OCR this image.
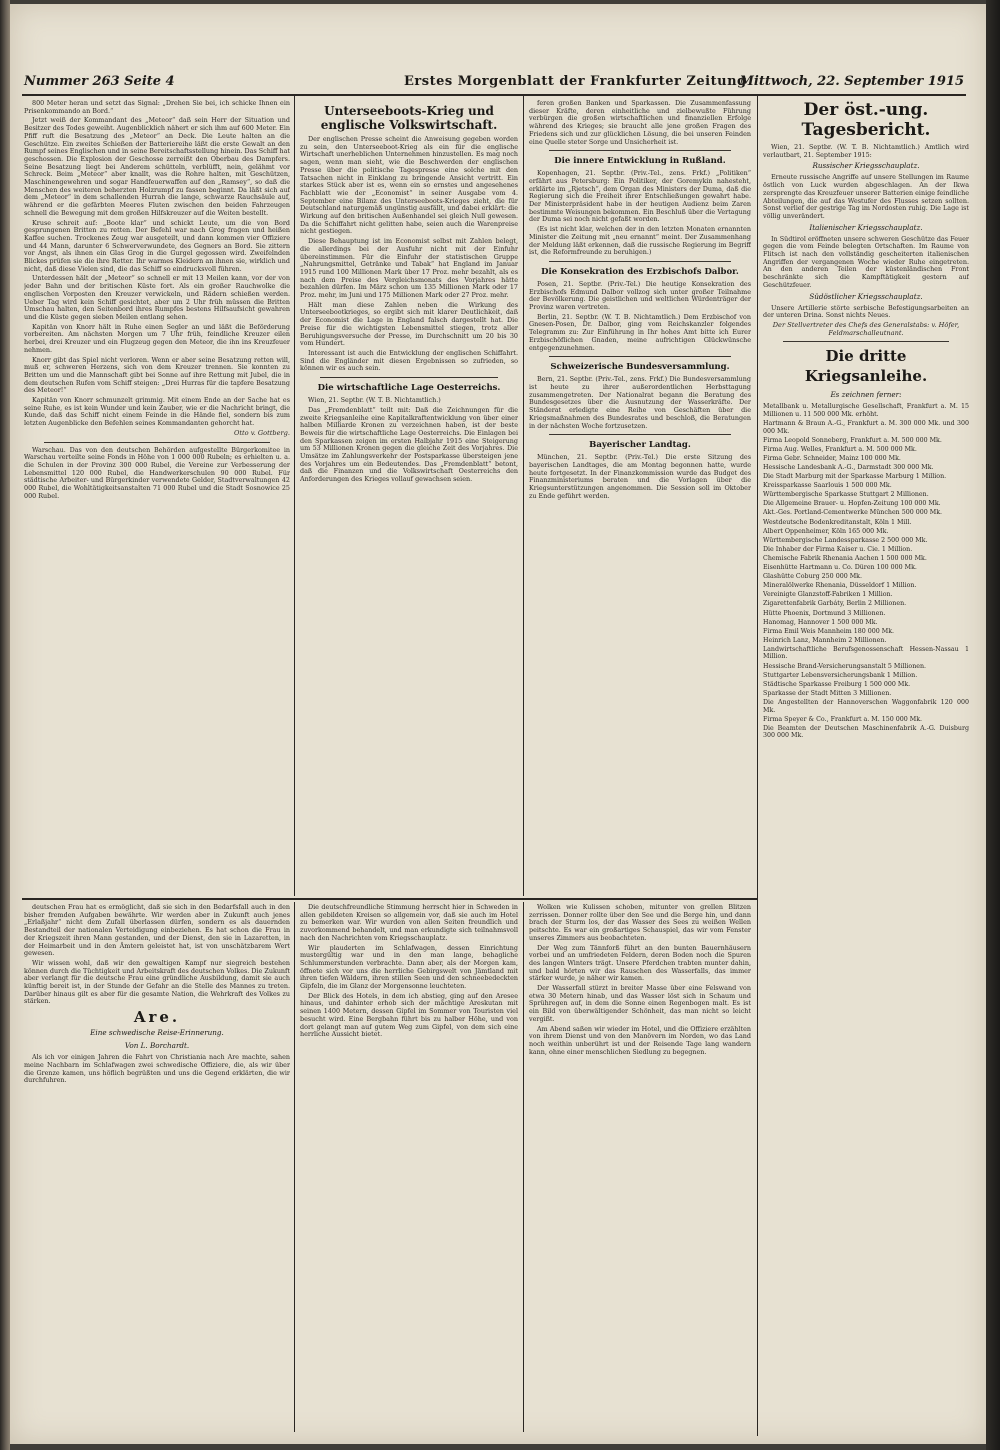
Nummer 263 Seite 4	Erstes Morgenblatt der Frankfurter Zeitung
Mittwoch, 22. September 1915

800 Meter heran und setzt das Signal: „Drehen Sie bei, ich schicke Ihnen ein Prisenkommando an Bord.“

Jetzt weiß der Kommandant des „Meteor“ daß sein Herr der Situation und Besitzer des Todes geweiht. Augenblicklich nähert er sich ihm auf 600 Meter. Ein Pfiff ruft die Besatzung des „Meteor“ an Deck. Die Leute halten an die Geschütze. Ein zweites Schießen der Batteriereihe läßt die erste Gewalt an den Rumpf seines Englischen und in seine Bereitschaftsstellung hinein. Das Schiff hat geschossen. Die Explosion der Geschosse zerreißt den Oberbau des Dampfers. Seine Besatzung liegt bei Anderem schütteln, verblüfft, nein, gelähmt vor Schreck. Beim „Meteor“ aber knallt, was die Rohre halten, mit Geschützen, Maschinengewehren und sogar Handfeuerwaffen auf den „Ramsey“, so daß die Menschen des weiteren beherzten Holzrumpf zu fassen beginnt. Da läßt sich auf dem „Meteor“ in dem schallenden Hurrah die lange, schwarze Rauchsäule auf, während er die gefärbten Meeres Fluten zwischen den beiden Fahrzeugen schnell die Bewegung mit dem großen Hilfskreuzer auf die Weiten bestellt.

Kruse schreit auf: „Boote klar“ und schickt Leute, um die von Bord gesprungenen Britten zu retten. Der Befehl war nach Grog fragen und heißen Kaffee suchen. Trockenes Zeug war ausgeteilt, und dann kommen vier Offiziere und 44 Mann, darunter 6 Schwerverwundete, des Gegners an Bord. Sie zittern vor Angst, als ihnen ein Glas Grog in die Gurgel gegossen wird. Zweifelnden Blickes prüfen sie die ihre Retter. Ihr warmes Kleidern an ihnen sie, wirklich und nicht, daß diese Vielen sind, die das Schiff so eindrucksvoll führen.

Unterdessen hält der „Meteor“ so schnell er mit 13 Meilen kann, vor der von jeder Bahn und der britischen Küste fort. Als ein großer Rauchwolke die englischen Vorposten den Kreuzer verwickeln, und Rädern schießen werden. Ueber Tag wird kein Schiff gesichtet, aber um 2 Uhr früh müssen die Britten Umschau halten, den Seitenbord ihres Rumpfes bestens Hilfsaufsicht gewahren und die Küste gegen sieben Meilen entlang sehen.

Kapitän von Knorr hält in Ruhe einen Segler an und läßt die Beförderung vorbereiten. Am nächsten Morgen um 7 Uhr früh, feindliche Kreuzer eilen herbei, drei Kreuzer und ein Flugzeug gegen den Meteor, die ihn ins Kreuzfeuer nehmen.

Knorr gibt das Spiel nicht verloren. Wenn er aber seine Besatzung retten will, muß er, schweren Herzens, sich von dem Kreuzer trennen. Sie konnten zu Britten um und die Mannschaft gibt bei Sonne auf ihre Rettung mit Jubel, die in dem deutschen Rufen vom Schiff steigen: „Drei Hurras für die tapfere Besatzung des Meteor!“

Kapitän von Knorr schmunzelt grimmig. Mit einem Ende an der Sache hat es seine Ruhe, es ist kein Wunder und kein Zauber, wie er die Nachricht bringt, die Kunde, daß das Schiff nicht einem Feinde in die Hände fiel, sondern bis zum letzten Augenblicke den Befehlen seines Kommandanten gehorcht hat.

Otto v. Gottberg.

Warschau. Das von den deutschen Behörden aufgestellte Bürgerkomitee in Warschau verteilte seine Fonds in Höhe von 1 000 000 Rubeln; es erhielten u. a. die Schulen in der Provinz 300 000 Rubel, die Vereine zur Verbesserung der Lebensmittel 120 000 Rubel, die Handwerkerschulen 90 000 Rubel. Für städtische Arbeiter- und Bürgerkinder verwendete Gelder, Stadtverwaltungen 42 000 Rubel, die Wohltätigkeitsanstalten 71 000 Rubel und die Stadt Sosnowice 25 000 Rubel.

Unterseeboots-Krieg und englische Volkswirtschaft.

Der englischen Presse scheint die Anweisung gegeben worden zu sein, den Unterseeboot-Krieg als ein für die englische Wirtschaft unerheblichen Unternehmen hinzustellen. Es mag noch sagen, wenn man sieht, wie die Beschwerden der englischen Presse über die politische Tagespresse eine solche mit den Tatsachen nicht in Einklang zu bringende Ansicht vertritt. Ein starkes Stück aber ist es, wenn ein so ernstes und angesehenes Fachblatt wie der „Economist“ in seiner Ausgabe vom 4. September eine Bilanz des Unterseeboots-Krieges zieht, die für Deutschland naturgemäß ungünstig ausfällt, und dabei erklärt: die Wirkung auf den britischen Außenhandel sei gleich Null gewesen. Da die Schiffahrt nicht gelitten habe, seien auch die Warenpreise nicht gestiegen.

Diese Behauptung ist im Economist selbst mit Zahlen belegt, die allerdings bei der Ausfuhr nicht mit der Einfuhr übereinstimmen. Für die Einfuhr der statistischen Gruppe „Nahrungsmittel, Getränke und Tabak“ hat England im Januar 1915 rund 100 Millionen Mark über 17 Proz. mehr bezahlt, als es nach dem Preise des Vergleichsmonats des Vorjahres hätte bezahlen dürfen. Im März schon um 135 Millionen Mark oder 17 Proz. mehr, im Juni und 175 Millionen Mark oder 27 Proz. mehr.

Hält man diese Zahlen neben die Wirkung des Unterseebootkrieges, so ergibt sich mit klarer Deutlichkeit, daß der Economist die Lage in England falsch dargestellt hat. Die Preise für die wichtigsten Lebensmittel stiegen, trotz aller Beruhigungsversuche der Presse, im Durchschnitt um 20 bis 30 vom Hundert.

Interessant ist auch die Entwicklung der englischen Schiffahrt. Sind die Engländer mit diesen Ergebnissen so zufrieden, so können wir es auch sein.

Die wirtschaftliche Lage Oesterreichs.

Wien, 21. Septbr. (W. T. B. Nichtamtlich.)

Das „Fremdenblatt“ teilt mit: Daß die Zeichnungen für die zweite Kriegsanleihe eine Kapitalkraftentwicklung von über einer halben Milliarde Kronen zu verzeichnen haben, ist der beste Beweis für die wirtschaftliche Lage Oesterreichs. Die Einlagen bei den Sparkassen zeigen im ersten Halbjahr 1915 eine Steigerung um 53 Millionen Kronen gegen die gleiche Zeit des Vorjahres. Die Umsätze im Zahlungsverkehr der Postsparkasse übersteigen jene des Vorjahres um ein Bedeutendes. Das „Fremdenblatt“ betont, daß die Finanzen und die Volkswirtschaft Oesterreichs den Anforderungen des Krieges vollauf gewachsen seien.

feren großen Banken und Sparkassen. Die Zusammenfassung dieser Kräfte, deren einheitliche und zielbewußte Führung verbürgen die großen wirtschaftlichen und finanziellen Erfolge während des Krieges; sie braucht alle jene großen Fragen des Friedens sich und zur glücklichen Lösung, die bei unseren Feinden eine Quelle steter Sorge und Unsicherheit ist.

Die innere Entwicklung in Rußland.

Kopenhagen, 21. Septbr. (Priv.-Tel., zens. Frkf.) „Politiken“ erfährt aus Petersburg: Ein Politiker, der Goremykin nahesteht, erklärte im „Rjetsch“, dem Organ des Ministers der Duma, daß die Regierung sich die Freiheit ihrer Entschließungen gewahrt habe. Der Ministerpräsident habe in der heutigen Audienz beim Zaren bestimmte Weisungen bekommen. Ein Beschluß über die Vertagung der Duma sei noch nicht gefaßt worden.

(Es ist nicht klar, welchen der in den letzten Monaten ernannten Minister die Zeitung mit „neu ernannt“ meint. Der Zusammenhang der Meldung läßt erkennen, daß die russische Regierung im Begriff ist, die Reformfreunde zu beruhigen.)

Die Konsekration des Erzbischofs Dalbor.

Posen, 21. Septbr. (Priv.-Tel.) Die heutige Konsekration des Erzbischofs Edmund Dalbor vollzog sich unter großer Teilnahme der Bevölkerung. Die geistlichen und weltlichen Würdenträger der Provinz waren vertreten.

Berlin, 21. Septbr. (W. T. B. Nichtamtlich.) Dem Erzbischof von Gnesen-Posen, Dr. Dalbor, ging vom Reichskanzler folgendes Telegramm zu: Zur Einführung in Ihr hohes Amt bitte ich Eurer Erzbischöflichen Gnaden, meine aufrichtigen Glückwünsche entgegenzunehmen.

Schweizerische Bundesversammlung.

Bern, 21. Septbr. (Priv.-Tel., zens. Frkf.) Die Bundesversammlung ist heute zu ihrer außerordentlichen Herbsttagung zusammengetreten. Der Nationalrat begann die Beratung des Bundesgesetzes über die Ausnutzung der Wasserkräfte. Der Ständerat erledigte eine Reihe von Geschäften über die Kriegsmaßnahmen des Bundesrates und beschloß, die Beratungen in der nächsten Woche fortzusetzen.

Bayerischer Landtag.

München, 21. Septbr. (Priv.-Tel.) Die erste Sitzung des bayerischen Landtages, die am Montag begonnen hatte, wurde heute fortgesetzt. In der Finanzkommission wurde das Budget des Finanzministeriums beraten und die Vorlagen über die Kriegsunterstützungen angenommen. Die Session soll im Oktober zu Ende geführt werden.

Der öst.-ung. Tagesbericht.

Wien, 21. Septbr. (W. T. B. Nichtamtlich.) Amtlich wird verlautbart, 21. September 1915:

Russischer Kriegsschauplatz.

Erneute russische Angriffe auf unsere Stellungen im Raume östlich von Luck wurden abgeschlagen. An der Ikwa zersprengte das Kreuzfeuer unserer Batterien einige feindliche Abteilungen, die auf das Westufer des Flusses setzen sollten. Sonst verlief der gestrige Tag im Nordosten ruhig. Die Lage ist völlig unverändert.

Italienischer Kriegsschauplatz.

In Südtirol eröffneten unsere schweren Geschütze das Feuer gegen die vom Feinde belegten Ortschaften. Im Raume von Flitsch ist nach den vollständig gescheiterten italienischen Angriffen der vergangenen Woche wieder Ruhe eingetreten. An den anderen Teilen der küstenländischen Front beschränkte sich die Kampftätigkeit gestern auf Geschützfeuer.

Südöstlicher Kriegsschauplatz.

Unsere Artillerie störte serbische Befestigungsarbeiten an der unteren Drina. Sonst nichts Neues.

Der Stellvertreter des Chefs des Generalstabs: v. Höfer, Feldmarschalleutnant.
Die dritte Kriegsanleihe.
Es zeichnen ferner:
Metallbank u. Metallurgische Gesellschaft, Frankfurt a. M. 15 Millionen u. 11 500 000 Mk. erhöht.
Hartmann & Braun A.-G., Frankfurt a. M. 300 000 Mk. und 300 000 Mk.
Firma Leopold Sonneberg, Frankfurt a. M. 500 000 Mk.
Firma Aug. Welles, Frankfurt a. M. 500 000 Mk.
Firma Gebr. Schneider, Mainz 100 000 Mk.
Hessische Landesbank A.-G., Darmstadt 300 000 Mk.
Die Stadt Marburg mit der Sparkasse Marburg 1 Million.
Kreissparkasse Saarlouis 1 500 000 Mk.
Württembergische Sparkasse Stuttgart 2 Millionen.
Die Allgemeine Brauer- u. Hopfen-Zeitung 100 000 Mk.
Akt.-Ges. Portland-Cementwerke München 500 000 Mk.
Westdeutsche Bodenkreditanstalt, Köln 1 Mill.
Albert Oppenheimer, Köln 165 000 Mk.
Württembergische Landessparkasse 2 500 000 Mk.
Die Inhaber der Firma Kaiser u. Cie. 1 Million.
Chemische Fabrik Rhenania Aachen 1 500 000 Mk.
Eisenhütte Hartmann u. Co. Düren 100 000 Mk.
Glashütte Coburg 250 000 Mk.
Mineralölwerke Rhenania, Düsseldorf 1 Million.
Vereinigte Glanzstoff-Fabriken 1 Million.
Zigarettenfabrik Garbáty, Berlin 2 Millionen.
Hütte Phoenix, Dortmund 3 Millionen.
Hanomag, Hannover 1 500 000 Mk.
Firma Emil Weis Mannheim 180 000 Mk.
Heinrich Lanz, Mannheim 2 Millionen.
Landwirtschaftliche Berufsgenossenschaft Hessen-Nassau 1 Million.
Hessische Brand-Versicherungsanstalt 5 Millionen.
Stuttgarter Lebensversicherungsbank 1 Million.
Städtische Sparkasse Freiburg 1 500 000 Mk.
Sparkasse der Stadt Mitten 3 Millionen.
Die Angestellten der Hannoverschen Waggonfabrik 120 000 Mk.
Firma Speyer & Co., Frankfurt a. M. 150 000 Mk.
Die Beamten der Deutschen Maschinenfabrik A.-G. Duisburg 300 000 Mk.

deutschen Frau hat es ermöglicht, daß sie sich in den Bedarfsfall auch in den bisher fremden Aufgaben bewährte. Wir werden aber in Zukunft auch jenes „Erlaßjahr“ nicht dem Zufall überlassen dürfen, sondern es als dauernden Bestandteil der nationalen Verteidigung einbeziehen. Es hat schon die Frau in der Kriegszeit ihren Mann gestanden, und der Dienst, den sie in Lazaretten, in der Heimarbeit und in den Ämtern geleistet hat, ist von unschätzbarem Wert gewesen.

Wir wissen wohl, daß wir den gewaltigen Kampf nur siegreich bestehen können durch die Tüchtigkeit und Arbeitskraft des deutschen Volkes. Die Zukunft aber verlangt für die deutsche Frau eine gründliche Ausbildung, damit sie auch künftig bereit ist, in der Stunde der Gefahr an die Stelle des Mannes zu treten. Darüber hinaus gilt es aber für die gesamte Nation, die Wehrkraft des Volkes zu stärken.

Are.
Eine schwedische Reise-Erinnerung.
Von L. Borchardt.

Als ich vor einigen Jahren die Fahrt von Christiania nach Are machte, sahen meine Nachbarn im Schlafwagen zwei schwedische Offiziere, die, als wir über die Grenze kamen, uns höflich begrüßten und uns die Gegend erklärten, die wir durchfuhren.

Die deutschfreundliche Stimmung herrscht hier in Schweden in allen gebildeten Kreisen so allgemein vor, daß sie auch im Hotel zu bemerken war. Wir wurden von allen Seiten freundlich und zuvorkommend behandelt, und man erkundigte sich teilnahmsvoll nach den Nachrichten vom Kriegsschauplatz.

Wir plauderten im Schlafwagen, dessen Einrichtung mustergültig war und in den man lange, behagliche Schlummerstunden verbrachte. Dann aber, als der Morgen kam, öffnete sich vor uns die herrliche Gebirgswelt von Jämtland mit ihren tiefen Wäldern, ihren stillen Seen und den schneebedeckten Gipfeln, die im Glanz der Morgensonne leuchteten.

Der Blick des Hotels, in dem ich abstieg, ging auf den Aresee hinaus, und dahinter erhob sich der mächtige Areskutan mit seinen 1400 Metern, dessen Gipfel im Sommer von Touristen viel besucht wird. Eine Bergbahn führt bis zu halber Höhe, und von dort gelangt man auf gutem Weg zum Gipfel, von dem sich eine herrliche Aussicht bietet.

Wolken wie Kulissen schoben, mitunter von grellen Blitzen zerrissen. Donner rollte über den See und die Berge hin, und dann brach der Sturm los, der das Wasser des Sees zu weißen Wellen peitschte. Es war ein großartiges Schauspiel, das wir vom Fenster unseres Zimmers aus beobachteten.

Der Weg zum Tännforß führt an den bunten Bauernhäusern vorbei und an umfriedeten Feldern, deren Boden noch die Spuren des langen Winters trägt. Unsere Pferdchen trabten munter dahin, und bald hörten wir das Rauschen des Wasserfalls, das immer stärker wurde, je näher wir kamen.

Der Wasserfall stürzt in breiter Masse über eine Felswand von etwa 30 Metern hinab, und das Wasser löst sich in Schaum und Sprühregen auf, in dem die Sonne einen Regenbogen malt. Es ist ein Bild von überwältigender Schönheit, das man nicht so leicht vergißt.

Am Abend saßen wir wieder im Hotel, und die Offiziere erzählten von ihrem Dienst und von den Manövern im Norden, wo das Land noch weithin unberührt ist und der Reisende Tage lang wandern kann, ohne einer menschlichen Siedlung zu begegnen.
